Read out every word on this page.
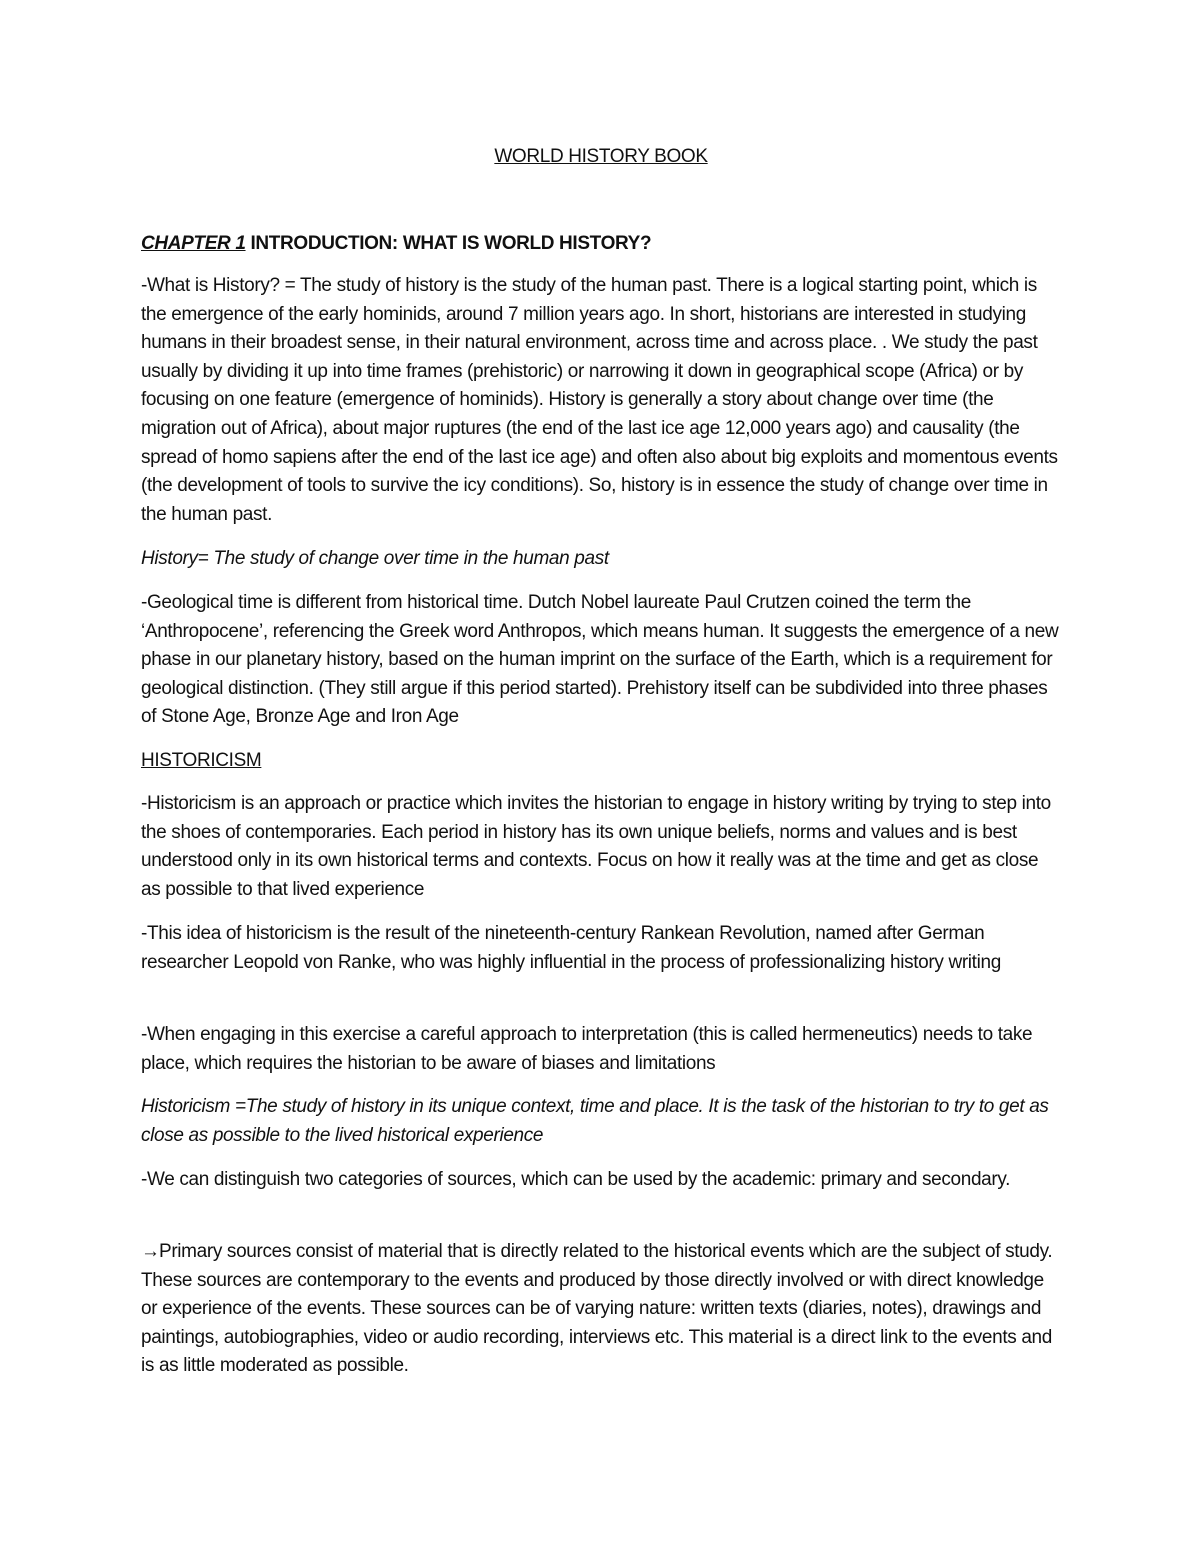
WORLD HISTORY BOOK
CHAPTER 1 INTRODUCTION: WHAT IS WORLD HISTORY?

-What is History? = The study of history is the study of the human past. There is a logical starting point, which is the emergence of the early hominids, around 7 million years ago. In short, historians are interested in studying humans in their broadest sense, in their natural environment, across time and across place. . We study the past usually by dividing it up into time frames (prehistoric) or narrowing it down in geographical scope (Africa) or by focusing on one feature (emergence of hominids). History is generally a story about change over time (the migration out of Africa), about major ruptures (the end of the last ice age 12,000 years ago) and causality (the spread of homo sapiens after the end of the last ice age) and often also about big exploits and momentous events (the development of tools to survive the icy conditions). So, history is in essence the study of change over time in the human past.

History= The study of change over time in the human past

-Geological time is different from historical time. Dutch Nobel laureate Paul Crutzen coined the term the ‘Anthropocene’, referencing the Greek word Anthropos, which means human. It suggests the emergence of a new phase in our planetary history, based on the human imprint on the surface of the Earth, which is a requirement for geological distinction. (They still argue if this period started). Prehistory itself can be subdivided into three phases of Stone Age, Bronze Age and Iron Age

HISTORICISM

-Historicism is an approach or practice which invites the historian to engage in history writing by trying to step into the shoes of contemporaries. Each period in history has its own unique beliefs, norms and values and is best understood only in its own historical terms and contexts. Focus on how it really was at the time and get as close as possible to that lived experience

-This idea of historicism is the result of the nineteenth-century Rankean Revolution, named after German researcher Leopold von Ranke, who was highly influential in the process of professionalizing history writing

-When engaging in this exercise a careful approach to interpretation (this is called hermeneutics) needs to take place, which requires the historian to be aware of biases and limitations

Historicism =The study of history in its unique context, time and place. It is the task of the historian to try to get as close as possible to the lived historical experience

-We can distinguish two categories of sources, which can be used by the academic: primary and secondary.

→Primary sources consist of material that is directly related to the historical events which are the subject of study. These sources are contemporary to the events and produced by those directly involved or with direct knowledge or experience of the events. These sources can be of varying nature: written texts (diaries, notes), drawings and paintings, autobiographies, video or audio recording, interviews etc. This material is a direct link to the events and is as little moderated as possible.
